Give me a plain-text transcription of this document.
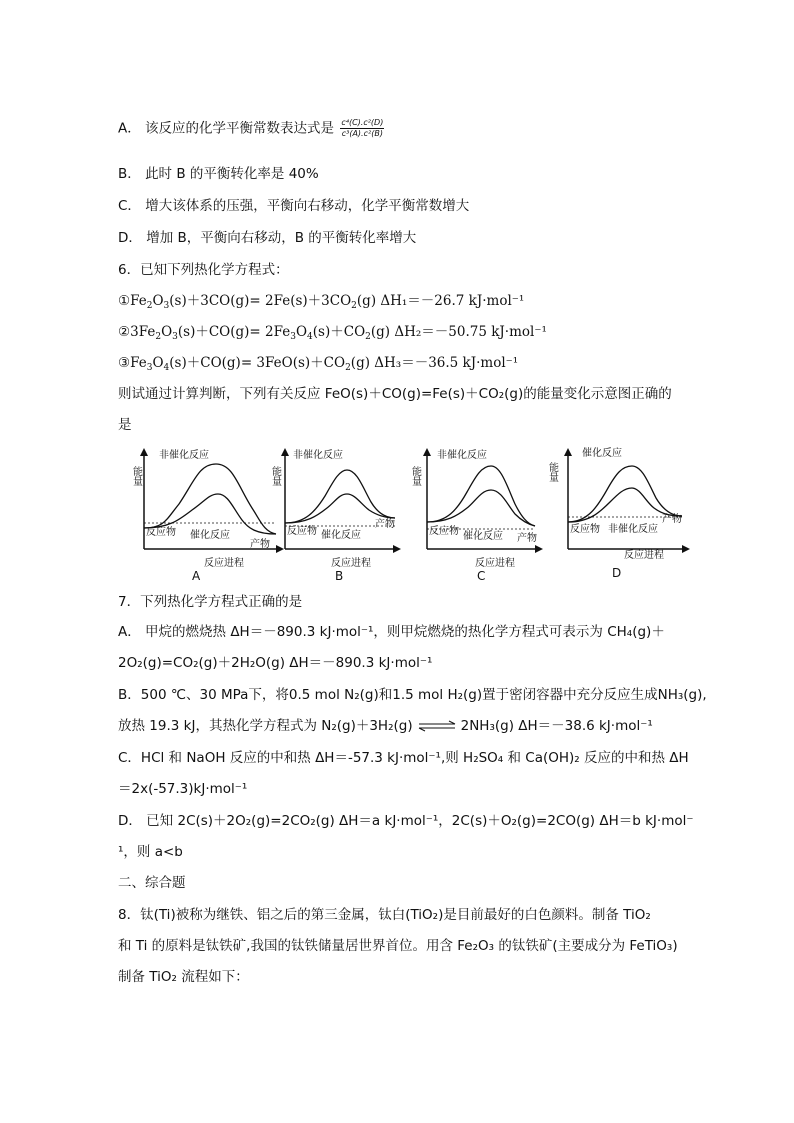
A． 该反应的化学平衡常数表达式是 $\frac{\text{c⁴(C).c²(D)}}{\text{c³(A).c²(B)}}$
B． 此时 B 的平衡转化率是 40%
C． 增大该体系的压强，平衡向右移动，化学平衡常数增大
D． 增加 B，平衡向右移动，B 的平衡转化率增大
6．已知下列热化学方程式：
$①Fe_2O_3(s)+3CO(g)= 2Fe(s)+3CO_2(g)$ ΔH₁＝－26.7 kJ·mol⁻¹
$②3Fe_2O_3(s)+CO(g)= 2Fe_3O_4(s)+CO_2(g)$ ΔH₂＝－50.75 kJ·mol⁻¹
$③Fe_3O_4(s)+CO(g)= 3FeO(s)+CO_2(g)$ ΔH₃＝－36.5 kJ·mol⁻¹
则试通过计算判断，下列有关反应 FeO(s)＋CO(g)=Fe(s)＋CO₂(g)的能量变化示意图正确的
是
能量
非催化反应
反应物 催化反应
产物
反应进程
A
能量
非催化反应
反应物 催化反应
产物
反应进程
B
能量
非催化反应
反应物 催化反应 产物
反应进程
C
能量
催化反应
反应物 非催化反应
产物
反应进程
D
7．下列热化学方程式正确的是
A． 甲烷的燃烧热 ΔH＝－890.3 kJ·mol⁻¹，则甲烷燃烧的热化学方程式可表示为 CH₄(g)＋
2O₂(g)=CO₂(g)＋2H₂O(g) ΔH＝－890.3 kJ·mol⁻¹
B．500 ℃、30 MPa下，将0.5 mol N₂(g)和1.5 mol H₂(g)置于密闭容器中充分反应生成NH₃(g),
放热 19.3 kJ，其热化学方程式为 N₂(g)＋3H₂(g) ⇌ 2NH₃(g) ΔH＝－38.6 kJ·mol⁻¹
C．HCl 和 NaOH 反应的中和热 ΔH＝-57.3 kJ·mol⁻¹,则 H₂SO₄ 和 Ca(OH)₂ 反应的中和热 ΔH
＝2x(-57.3)kJ·mol⁻¹
D． 已知 2C(s)＋2O₂(g)=2CO₂(g) ΔH＝a kJ·mol⁻¹，2C(s)＋O₂(g)=2CO(g) ΔH＝b kJ·mol⁻
¹，则 a<b
二、综合题
8．钛(Ti)被称为继铁、铝之后的第三金属，钛白(TiO₂)是目前最好的白色颜料。制备 TiO₂
和 Ti 的原料是钛铁矿,我国的钛铁储量居世界首位。用含 Fe₂O₃ 的钛铁矿(主要成分为 FeTiO₃)
制备 TiO₂ 流程如下：
